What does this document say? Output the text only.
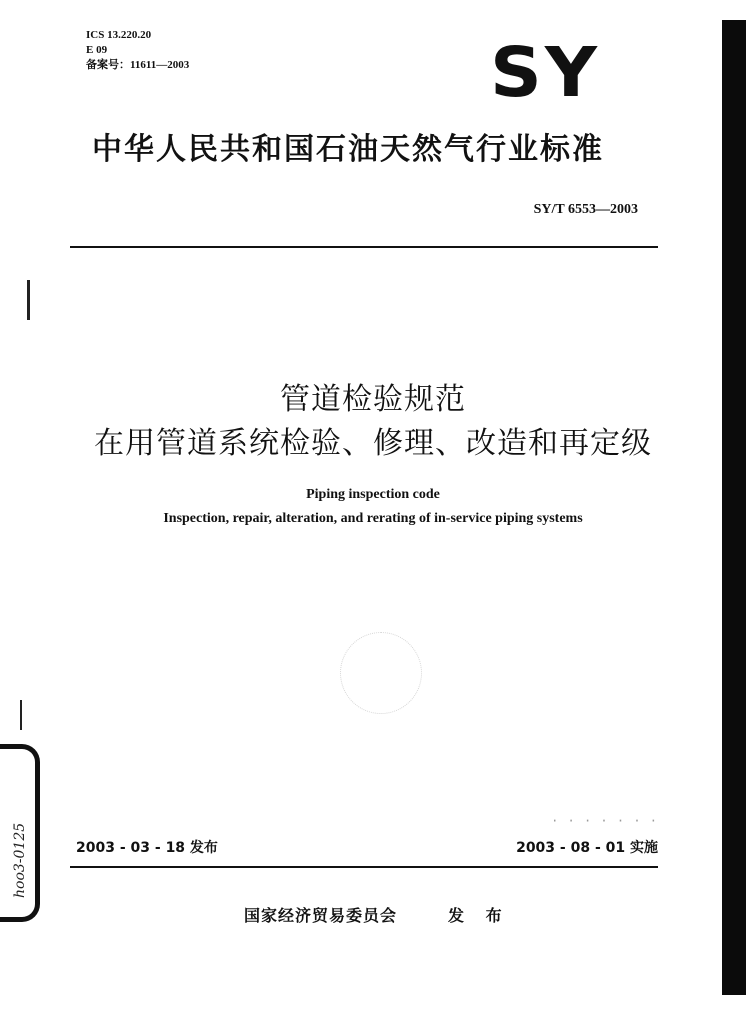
ICS 13.220.20
E 09
备案号：11611—2003	SY
中华人民共和国石油天然气行业标准
SY/T 6553—2003
管道检验规范
在用管道系统检验、修理、改造和再定级
Piping inspection code
Inspection, repair, alteration, and rerating of in-service piping systems
· · · · · · ·
2003 - 03 - 18 发布	2003 - 08 - 01 实施
国家经济贸易委员会	发 布
hoo3-0125
